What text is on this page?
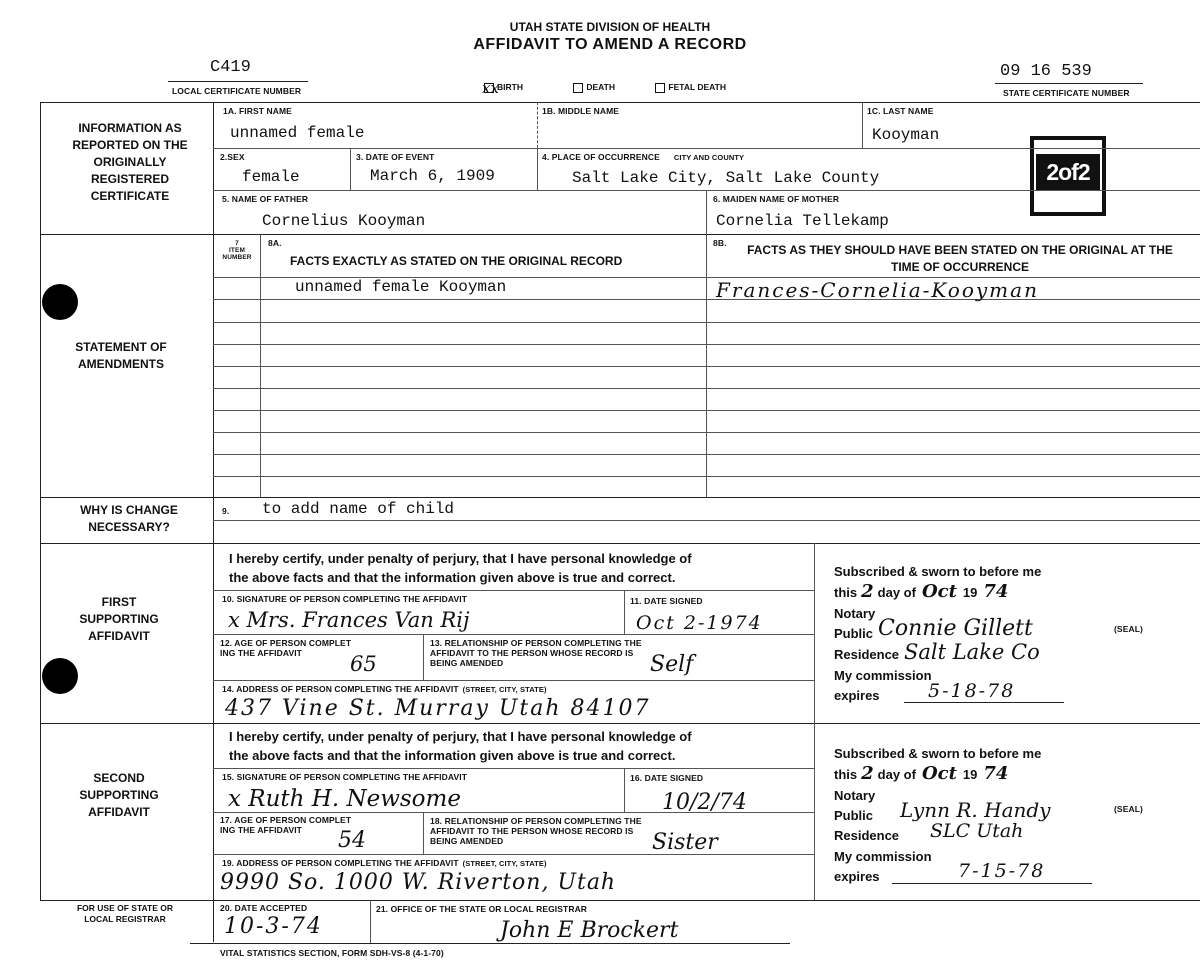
UTAH STATE DIVISION OF HEALTH
AFFIDAVIT TO AMEND A RECORD
C419
LOCAL CERTIFICATE NUMBER	xx
BIRTH	DEATH	FETAL DEATH
09 16 539
STATE CERTIFICATE NUMBER
2of2
INFORMATION AS REPORTED ON THE ORIGINALLY REGISTERED CERTIFICATE
STATEMENT OF AMENDMENTS
WHY IS CHANGE NECESSARY?
FIRST SUPPORTING AFFIDAVIT
SECOND SUPPORTING AFFIDAVIT
FOR USE OF STATE OR LOCAL REGISTRAR
1A. FIRST NAME
unnamed female
1B. MIDDLE NAME	1C. LAST NAME
Kooyman
2.SEX
female
3. DATE OF EVENT
March 6, 1909
4. PLACE OF OCCURRENCE CITY AND COUNTY
Salt Lake City, Salt Lake County
5. NAME OF FATHER
Cornelius Kooyman
6. MAIDEN NAME OF MOTHER
Cornelia Tellekamp
7
ITEM NUMBER
8A.
FACTS EXACTLY AS STATED ON THE ORIGINAL RECORD
8B.	FACTS AS THEY SHOULD HAVE BEEN STATED ON THE ORIGINAL AT THE TIME OF OCCURRENCE
unnamed female Kooyman	Frances-Cornelia-Kooyman
9. to add name of child
I hereby certify, under penalty of perjury, that I have personal knowledge of
the above facts and that the information given above is true and correct.
10. SIGNATURE OF PERSON COMPLETING THE AFFIDAVIT
x Mrs. Frances Van Rij
11. DATE SIGNED
Oct 2-1974
12. AGE OF PERSON COMPLET
ING THE AFFIDAVIT	65
13. RELATIONSHIP OF PERSON COMPLETING THE
AFFIDAVIT TO THE PERSON WHOSE RECORD IS
BEING AMENDED	Self
14. ADDRESS OF PERSON COMPLETING THE AFFIDAVIT (STREET, CITY, STATE)
437 Vine St. Murray Utah 84107
Subscribed & sworn to before me
this 2 day of Oct 19 74
Notary
Public Connie Gillett	(SEAL)
Residence Salt Lake Co
My commission
expires	5-18-78
I hereby certify, under penalty of perjury, that I have personal knowledge of
the above facts and that the information given above is true and correct.
15. SIGNATURE OF PERSON COMPLETING THE AFFIDAVIT
x Ruth H. Newsome
16. DATE SIGNED
10/2/74
17. AGE OF PERSON COMPLET
ING THE AFFIDAVIT	54
18. RELATIONSHIP OF PERSON COMPLETING THE
AFFIDAVIT TO THE PERSON WHOSE RECORD IS
BEING AMENDED	Sister
19. ADDRESS OF PERSON COMPLETING THE AFFIDAVIT (STREET, CITY, STATE)
9990 So. 1000 W. Riverton, Utah
Subscribed & sworn to before me
this 2 day of Oct 19 74
Notary
Public Lynn R. Handy	(SEAL)
Residence SLC Utah
My commission
expires	7-15-78
20. DATE ACCEPTED
10-3-74
21. OFFICE OF THE STATE OR LOCAL REGISTRAR
John E Brockert
VITAL STATISTICS SECTION, FORM SDH-VS-8 (4-1-70)
